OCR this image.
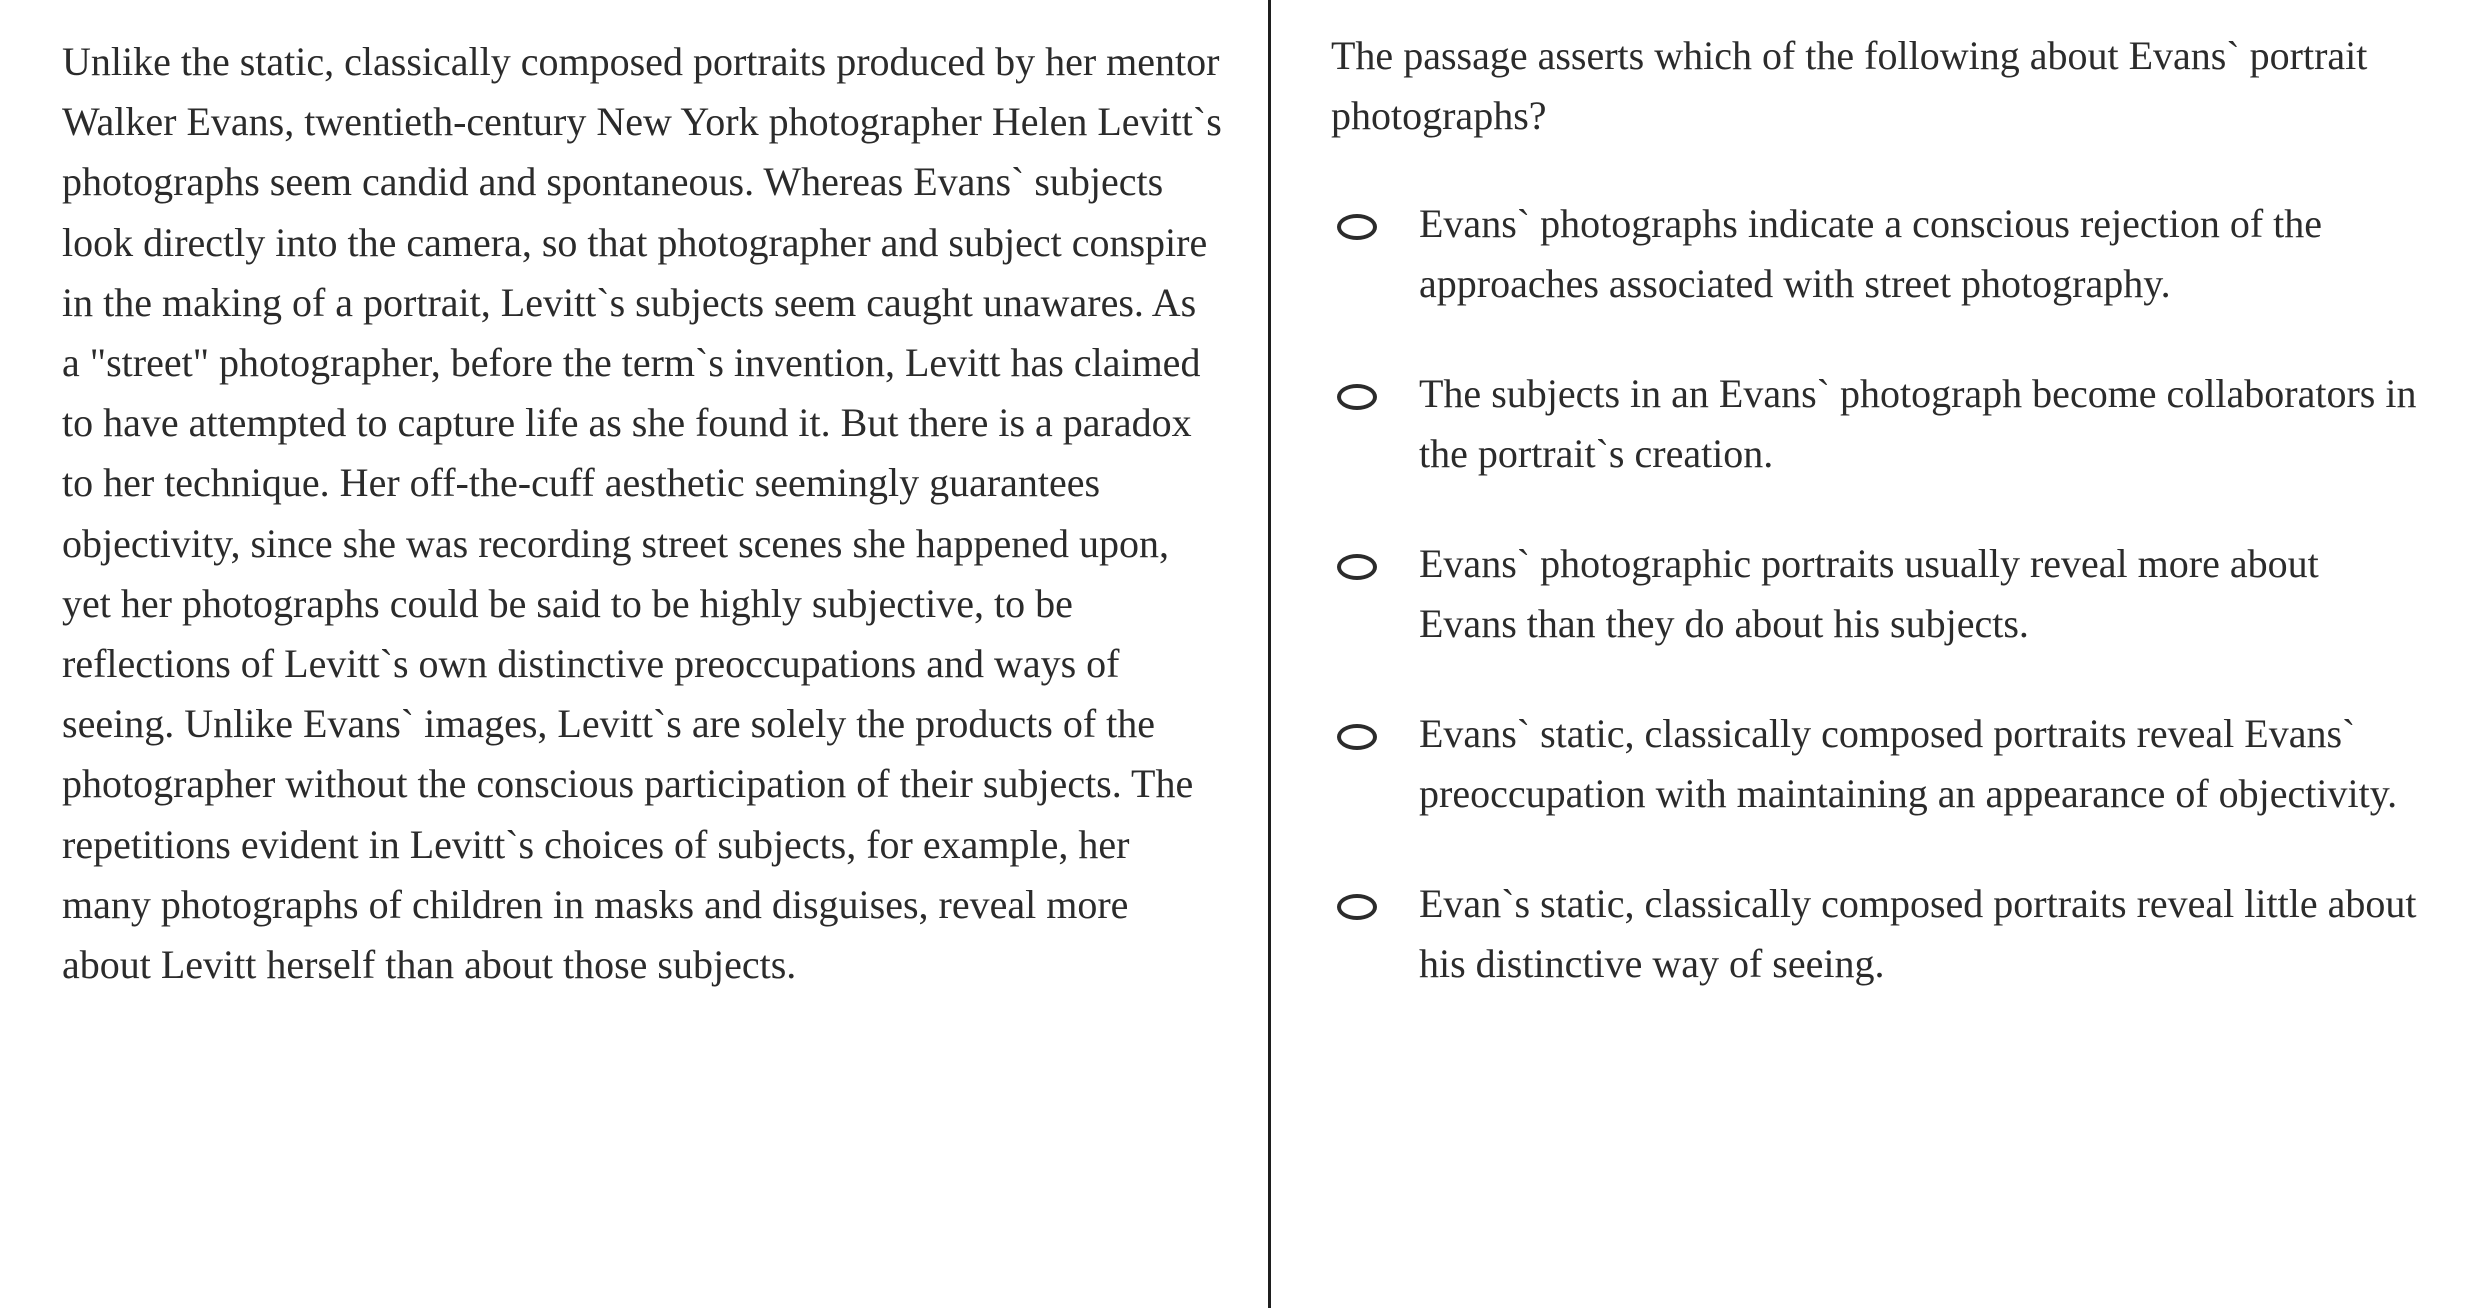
Unlike the static, classically composed portraits produced by her mentor Walker Evans, twentieth-century New York photographer Helen Levitt`s photographs seem candid and spontaneous. Whereas Evans` subjects look directly into the camera, so that photographer and subject conspire in the making of a portrait, Levitt`s subjects seem caught unawares. As a "street" photographer, before the term`s invention, Levitt has claimed to have attempted to capture life as she found it. But there is a paradox to her technique. Her off-the-cuff aesthetic seemingly guarantees objectivity, since she was recording street scenes she happened upon, yet her photographs could be said to be highly subjective, to be reflections of Levitt`s own distinctive preoccupations and ways of seeing. Unlike Evans` images, Levitt`s are solely the products of the photographer without the conscious participation of their subjects. The repetitions evident in Levitt`s choices of subjects, for example, her many photographs of children in masks and disguises, reveal more about Levitt herself than about those subjects.

The passage asserts which of the following about Evans` portrait photographs?

Evans` photographs indicate a conscious rejection of the approaches associated with street photography.
The subjects in an Evans` photograph become collaborators in the portrait`s creation.
Evans` photographic portraits usually reveal more about Evans than they do about his subjects.
Evans` static, classically composed portraits reveal Evans` preoccupation with maintaining an appearance of objectivity.
Evan`s static, classically composed portraits reveal little about his distinctive way of seeing.
